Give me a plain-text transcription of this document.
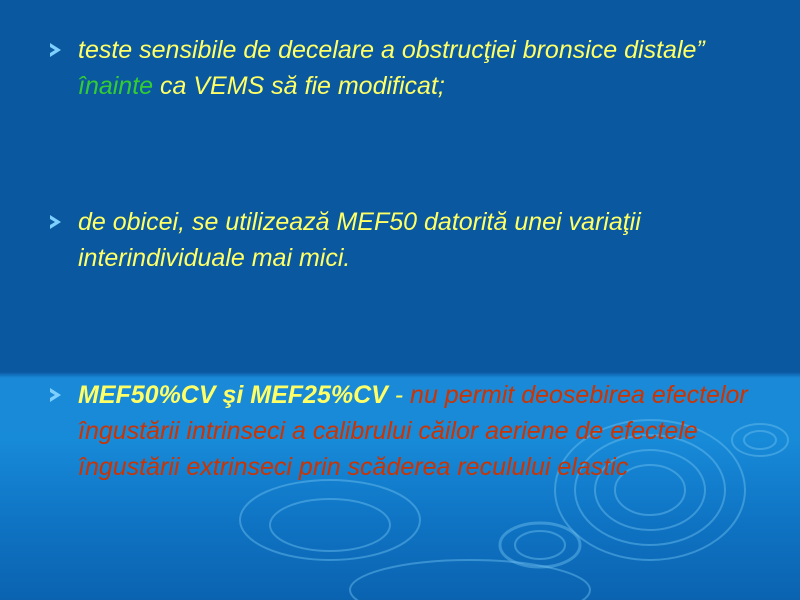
teste sensibile de decelare a obstrucţiei bronsice distale” înainte ca VEMS să fie modificat;
de obicei, se utilizează MEF50 datorită unei variaţii interindividuale mai mici.
MEF50%CV şi MEF25%CV - nu permit deosebirea efectelor îngustării intrinseci a calibrului căilor aeriene de efectele îngustării extrinseci prin scăderea reculului elastic
